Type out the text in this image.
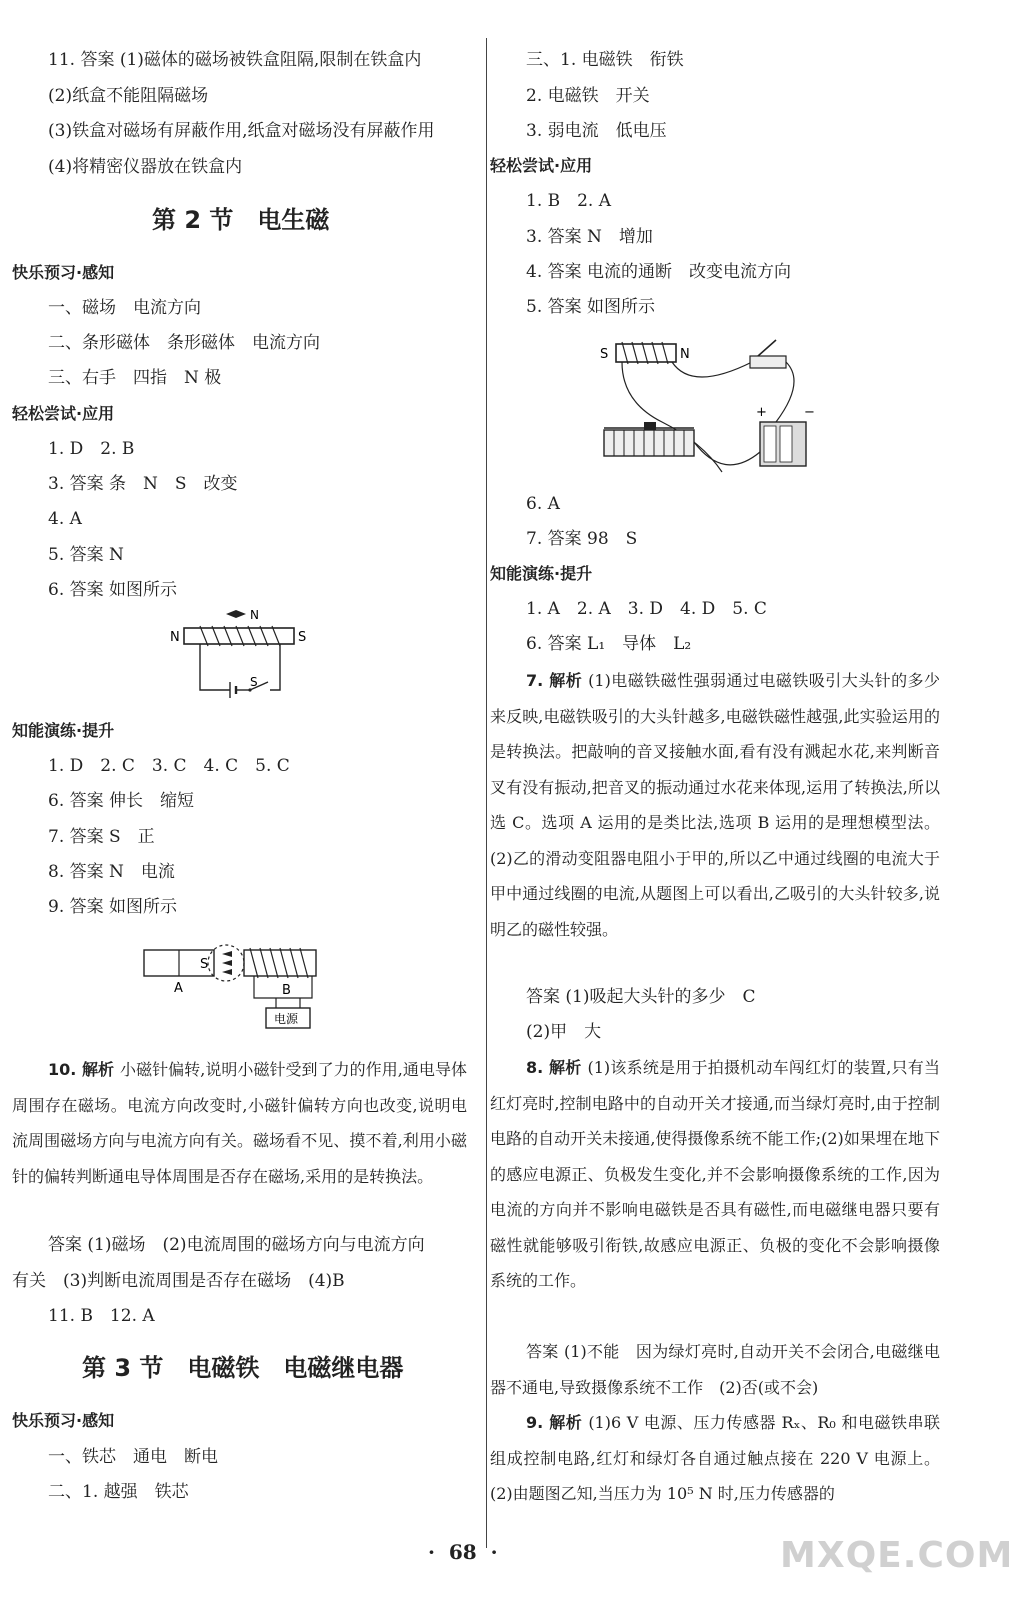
11. 答案 (1)磁体的磁场被铁盒阻隔,限制在铁盒内
(2)纸盒不能阻隔磁场
(3)铁盒对磁场有屏蔽作用,纸盒对磁场没有屏蔽作用
(4)将精密仪器放在铁盒内
第 2 节　电生磁
快乐预习·感知
一、磁场　电流方向
二、条形磁体　条形磁体　电流方向
三、右手　四指　N 极
轻松尝试·应用
1. D　2. B
3. 答案 条　N　S　改变
4. A
5. 答案 N
6. 答案 如图所示
N	S
N
S
知能演练·提升
1. D　2. C　3. C　4. C　5. C
6. 答案 伸长　缩短
7. 答案 S　正
8. 答案 N　电流
9. 答案 如图所示
S
A	B
电源
10. 解析 小磁针偏转,说明小磁针受到了力的作用,通电导体周围存在磁场。电流方向改变时,小磁针偏转方向也改变,说明电流周围磁场方向与电流方向有关。磁场看不见、摸不着,利用小磁针的偏转判断通电导体周围是否存在磁场,采用的是转换法。
答案 (1)磁场　(2)电流周围的磁场方向与电流方向
有关　(3)判断电流周围是否存在磁场　(4)B
11. B　12. A
第 3 节　电磁铁　电磁继电器
快乐预习·感知
一、铁芯　通电　断电
二、1. 越强　铁芯
三、1. 电磁铁　衔铁
2. 电磁铁　开关
3. 弱电流　低电压
轻松尝试·应用
1. B　2. A
3. 答案 N　增加
4. 答案 电流的通断　改变电流方向
5. 答案 如图所示
S	N
+	−
6. A
7. 答案 98　S
知能演练·提升
1. A　2. A　3. D　4. D　5. C
6. 答案 L₁　导体　L₂
7. 解析 (1)电磁铁磁性强弱通过电磁铁吸引大头针的多少来反映,电磁铁吸引的大头针越多,电磁铁磁性越强,此实验运用的是转换法。把敲响的音叉接触水面,看有没有溅起水花,来判断音叉有没有振动,把音叉的振动通过水花来体现,运用了转换法,所以选 C。选项 A 运用的是类比法,选项 B 运用的是理想模型法。(2)乙的滑动变阻器电阻小于甲的,所以乙中通过线圈的电流大于甲中通过线圈的电流,从题图上可以看出,乙吸引的大头针较多,说明乙的磁性较强。
答案 (1)吸起大头针的多少　C
(2)甲　大
8. 解析 (1)该系统是用于拍摄机动车闯红灯的装置,只有当红灯亮时,控制电路中的自动开关才接通,而当绿灯亮时,由于控制电路的自动开关未接通,使得摄像系统不能工作;(2)如果埋在地下的感应电源正、负极发生变化,并不会影响摄像系统的工作,因为电流的方向并不影响电磁铁是否具有磁性,而电磁继电器只要有磁性就能够吸引衔铁,故感应电源正、负极的变化不会影响摄像系统的工作。
答案 (1)不能　因为绿灯亮时,自动开关不会闭合,电磁继电器不通电,导致摄像系统不工作　(2)否(或不会)
9. 解析 (1)6 V 电源、压力传感器 Rₓ、R₀ 和电磁铁串联组成控制电路,红灯和绿灯各自通过触点接在 220 V 电源上。(2)由题图乙知,当压力为 10⁵ N 时,压力传感器的
·  68  ·	MXQE.COM
